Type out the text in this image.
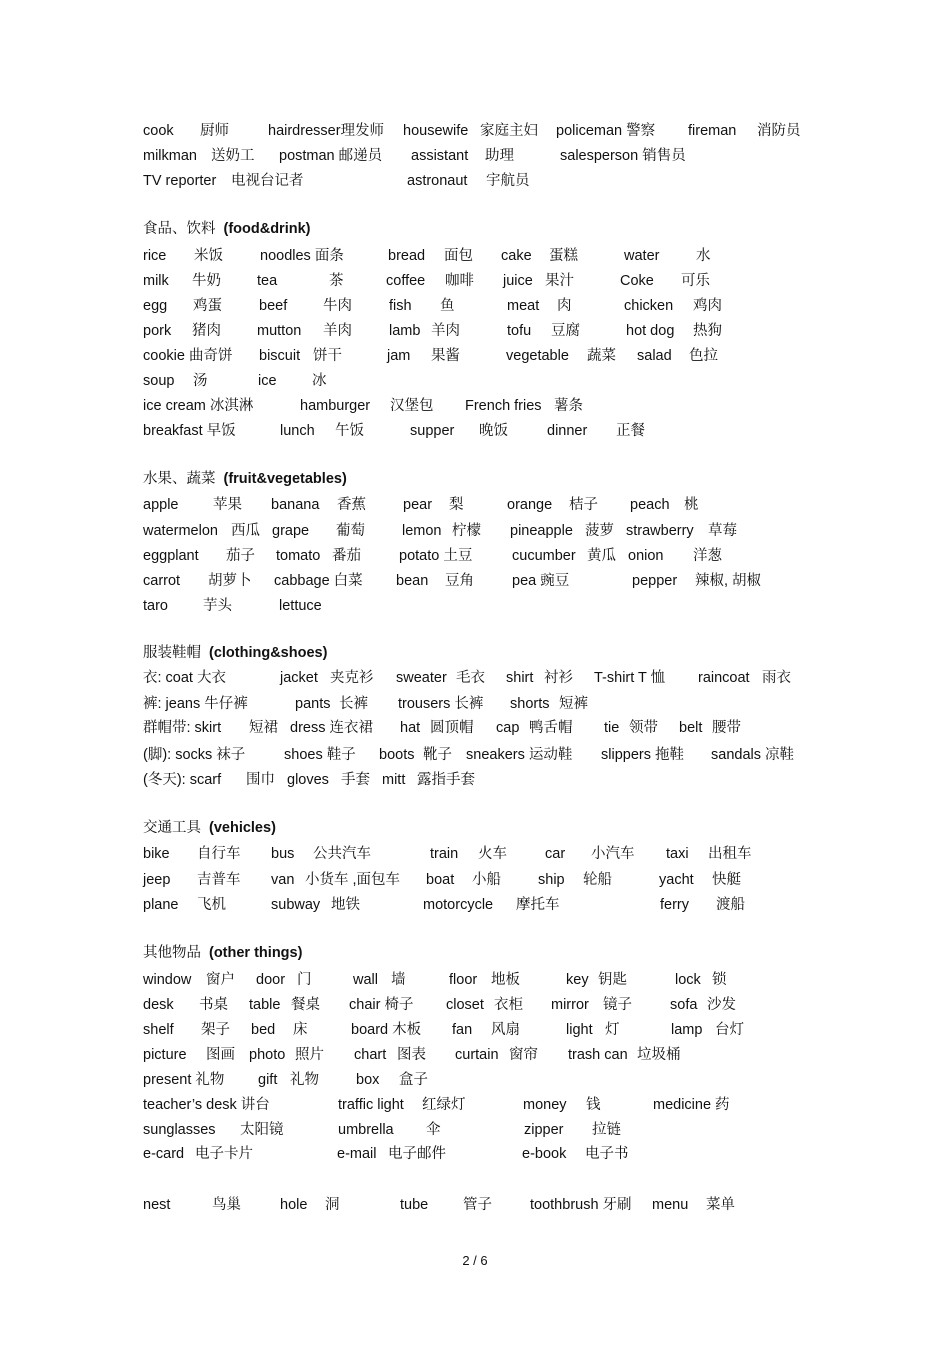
cook 厨师	hairdresser理发师 housewife 家庭主妇 policeman 警察 fireman 消防员
milkman 送奶工 postman 邮递员 assistant 助理	salesperson 销售员
TV reporter 电视台记者	astronaut 宇航员
食品、饮料 (food&drink)
rice 米饭	noodles 面条	bread 面包 cake 蛋糕	water	水
milk 牛奶 tea	茶	coffee 咖啡 juice 果汁	Coke 可乐
egg 鸡蛋	beef 牛肉	fish 鱼	meat 肉	chicken 鸡肉
pork 猪肉 mutton 羊肉	lamb 羊肉	tofu 豆腐	hot dog 热狗
cookie 曲奇饼 biscuit 饼干	jam 果酱	vegetable 蔬菜 salad 色拉
soup 汤	ice 冰
ice cream 冰淇淋	hamburger 汉堡包 French fries 薯条
breakfast 早饭	lunch 午饭	supper 晚饭	dinner 正餐
水果、蔬菜 (fruit&vegetables)
apple 苹果 banana 香蕉	pear 梨	orange 桔子 peach 桃
watermelon 西瓜 grape 葡萄	lemon 柠檬 pineapple 菠萝 strawberry 草莓
eggplant 茄子 tomato 番茄	potato 土豆	cucumber 黄瓜 onion 洋葱
carrot 胡萝卜 cabbage 白菜 bean 豆角	pea 豌豆	pepper 辣椒, 胡椒
taro 芋头	lettuce
服装鞋帽 (clothing&shoes)
衣: coat 大衣	jacket 夹克衫 sweater 毛衣 shirt 衬衫 T-shirt T 恤 raincoat 雨衣
裤: jeans 牛仔裤	pants 长裤 trousers 长裤 shorts 短裤
群帽带: skirt 短裙 dress 连衣裙 hat 圆顶帽 cap 鸭舌帽 tie 领带 belt 腰带
(脚): socks 袜子	shoes 鞋子 boots 靴子 sneakers 运动鞋 slippers 拖鞋 sandals 凉鞋
(冬天): scarf 围巾 gloves 手套 mitt 露指手套
交通工具 (vehicles)
bike 自行车 bus 公共汽车	train 火车	car 小汽车 taxi 出租车
jeep 吉普车 van 小货车 ,面包车 boat 小船	ship 轮船	yacht 快艇
plane 飞机	subway 地铁	motorcycle 摩托车	ferry 渡船
其他物品 (other things)
window 窗户 door 门	wall 墙	floor 地板	key 钥匙	lock 锁
desk 书桌 table 餐桌 chair 椅子 closet 衣柜 mirror 镜子	sofa 沙发
shelf 架子 bed 床	board 木板 fan 风扇	light 灯	lamp 台灯
picture 图画 photo 照片 chart 图表 curtain 窗帘 trash can 垃圾桶
present 礼物 gift 礼物	box 盒子
teacher’s desk 讲台	traffic light 红绿灯	money 钱	medicine 药
sunglasses 太阳镜	umbrella 伞	zipper 拉链
e-card 电子卡片	e-mail 电子邮件	e-book 电子书
nest	鸟巢	hole 洞	tube 管子	toothbrush 牙刷 menu 菜单
2 / 6
